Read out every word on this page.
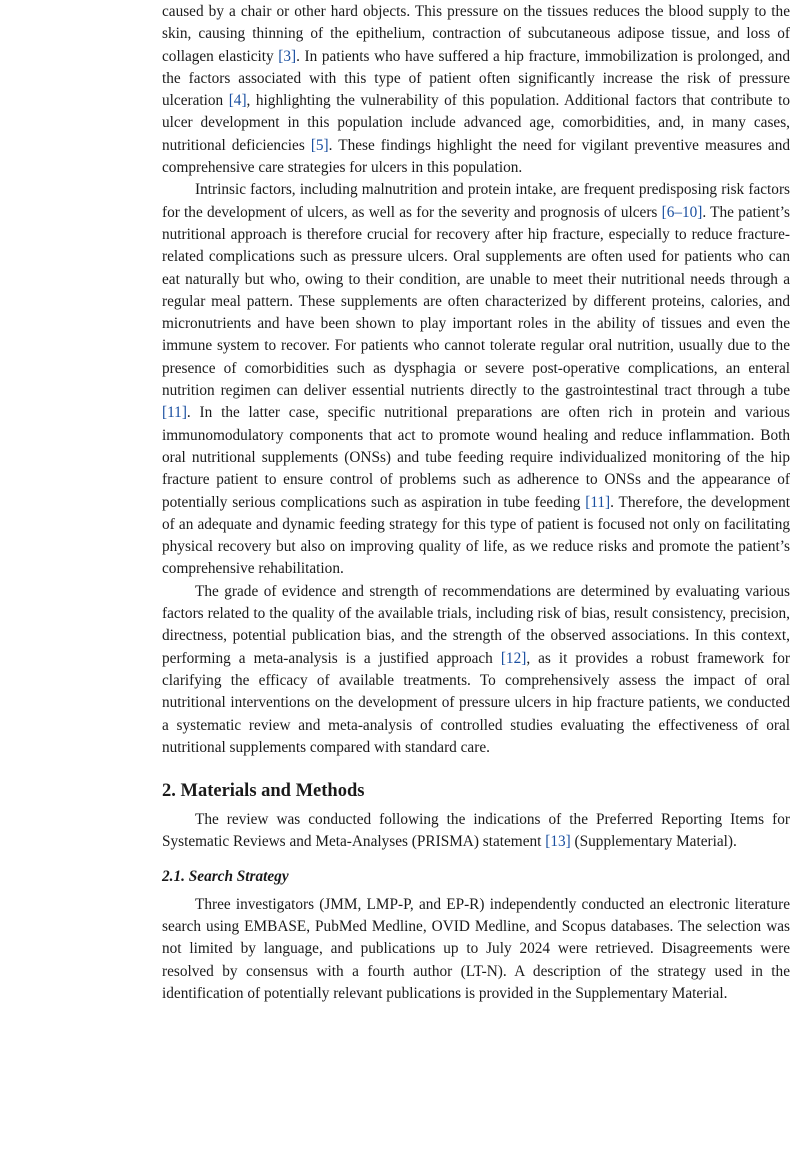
caused by a chair or other hard objects. This pressure on the tissues reduces the blood supply to the skin, causing thinning of the epithelium, contraction of subcutaneous adipose tissue, and loss of collagen elasticity [3]. In patients who have suffered a hip fracture, immobilization is prolonged, and the factors associated with this type of patient often significantly increase the risk of pressure ulceration [4], highlighting the vulnerability of this population. Additional factors that contribute to ulcer development in this population include advanced age, comorbidities, and, in many cases, nutritional deficiencies [5]. These findings highlight the need for vigilant preventive measures and comprehensive care strategies for ulcers in this population.

Intrinsic factors, including malnutrition and protein intake, are frequent predisposing risk factors for the development of ulcers, as well as for the severity and prognosis of ulcers [6–10]. The patient’s nutritional approach is therefore crucial for recovery after hip fracture, especially to reduce fracture-related complications such as pressure ulcers. Oral supplements are often used for patients who can eat naturally but who, owing to their condition, are unable to meet their nutritional needs through a regular meal pattern. These supplements are often characterized by different proteins, calories, and micronutrients and have been shown to play important roles in the ability of tissues and even the immune system to recover. For patients who cannot tolerate regular oral nutrition, usually due to the presence of comorbidities such as dysphagia or severe post-operative complications, an enteral nutrition regimen can deliver essential nutrients directly to the gastrointestinal tract through a tube [11]. In the latter case, specific nutritional preparations are often rich in protein and various immunomodulatory components that act to promote wound healing and reduce inflammation. Both oral nutritional supplements (ONSs) and tube feeding require individualized monitoring of the hip fracture patient to ensure control of problems such as adherence to ONSs and the appearance of potentially serious complications such as aspiration in tube feeding [11]. Therefore, the development of an adequate and dynamic feeding strategy for this type of patient is focused not only on facilitating physical recovery but also on improving quality of life, as we reduce risks and promote the patient’s comprehensive rehabilitation.

The grade of evidence and strength of recommendations are determined by evaluating various factors related to the quality of the available trials, including risk of bias, result consistency, precision, directness, potential publication bias, and the strength of the observed associations. In this context, performing a meta-analysis is a justified approach [12], as it provides a robust framework for clarifying the efficacy of available treatments. To comprehensively assess the impact of oral nutritional interventions on the development of pressure ulcers in hip fracture patients, we conducted a systematic review and meta-analysis of controlled studies evaluating the effectiveness of oral nutritional supplements compared with standard care.

2. Materials and Methods

The review was conducted following the indications of the Preferred Reporting Items for Systematic Reviews and Meta-Analyses (PRISMA) statement [13] (Supplementary Material).

2.1. Search Strategy

Three investigators (JMM, LMP-P, and EP-R) independently conducted an electronic literature search using EMBASE, PubMed Medline, OVID Medline, and Scopus databases. The selection was not limited by language, and publications up to July 2024 were retrieved. Disagreements were resolved by consensus with a fourth author (LT-N). A description of the strategy used in the identification of potentially relevant publications is provided in the Supplementary Material.
